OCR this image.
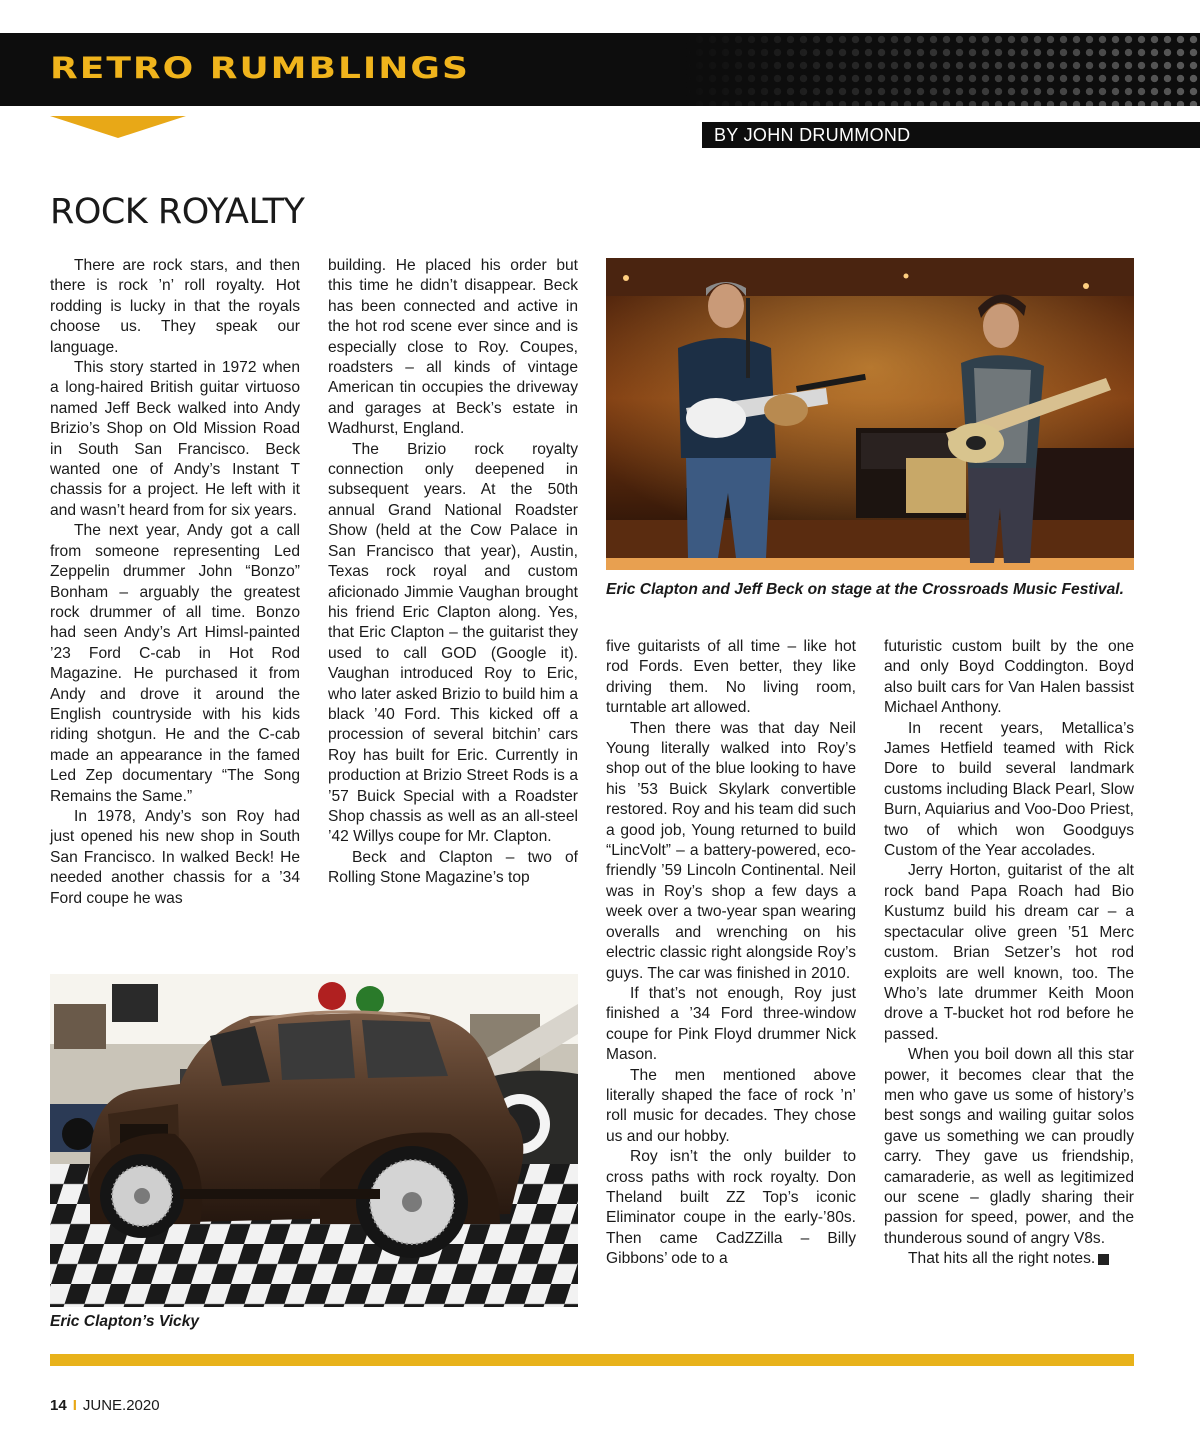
RETRO RUMBLINGS
BY JOHN DRUMMOND
ROCK ROYALTY

There are rock stars, and then there is rock ’n’ roll royalty. Hot rodding is lucky in that the royals choose us. They speak our language.

This story started in 1972 when a long-haired British guitar virtuoso named Jeff Beck walked into Andy Brizio’s Shop on Old Mission Road in South San Francisco. Beck wanted one of Andy’s Instant T chassis for a project. He left with it and wasn’t heard from for six years.

The next year, Andy got a call from someone representing Led Zeppelin drummer John “Bonzo” Bonham – arguably the greatest rock drummer of all time. Bonzo had seen Andy’s Art Himsl-painted ’23 Ford C-cab in Hot Rod Magazine. He purchased it from Andy and drove it around the English countryside with his kids riding shotgun. He and the C-cab made an appearance in the famed Led Zep documentary “The Song Remains the Same.”

In 1978, Andy’s son Roy had just opened his new shop in South San Francisco. In walked Beck! He needed another chassis for a ’34 Ford coupe he was

building. He placed his order but this time he didn’t disappear. Beck has been connected and active in the hot rod scene ever since and is especially close to Roy. Coupes, roadsters – all kinds of vintage American tin occupies the driveway and garages at Beck’s estate in Wadhurst, England.

The Brizio rock royalty connection only deepened in subsequent years. At the 50th annual Grand National Roadster Show (held at the Cow Palace in San Francisco that year), Austin, Texas rock royal and custom aficionado Jimmie Vaughan brought his friend Eric Clapton along. Yes, that Eric Clapton – the guitarist they used to call GOD (Google it). Vaughan introduced Roy to Eric, who later asked Brizio to build him a black ’40 Ford. This kicked off a procession of several bitchin’ cars Roy has built for Eric. Currently in production at Brizio Street Rods is a ’57 Buick Special with a Roadster Shop chassis as well as an all-steel ’42 Willys coupe for Mr. Clapton.

Beck and Clapton – two of Rolling Stone Magazine’s top

five guitarists of all time – like hot rod Fords. Even better, they like driving them. No living room, turntable art allowed.

Then there was that day Neil Young literally walked into Roy’s shop out of the blue looking to have his ’53 Buick Skylark convertible restored. Roy and his team did such a good job, Young returned to build “LincVolt” – a battery-powered, eco-friendly ’59 Lincoln Continental. Neil was in Roy’s shop a few days a week over a two-year span wearing overalls and wrenching on his electric classic right alongside Roy’s guys. The car was finished in 2010.

If that’s not enough, Roy just finished a ’34 Ford three-window coupe for Pink Floyd drummer Nick Mason.

The men mentioned above literally shaped the face of rock ’n’ roll music for decades. They chose us and our hobby.

Roy isn’t the only builder to cross paths with rock royalty. Don Theland built ZZ Top’s iconic Eliminator coupe in the early-’80s. Then came CadZZilla – Billy Gibbons’ ode to a

futuristic custom built by the one and only Boyd Coddington. Boyd also built cars for Van Halen bassist Michael Anthony.

In recent years, Metallica’s James Hetfield teamed with Rick Dore to build several landmark customs including Black Pearl, Slow Burn, Aquiarius and Voo-Doo Priest, two of which won Goodguys Custom of the Year accolades.

Jerry Horton, guitarist of the alt rock band Papa Roach had Bio Kustumz build his dream car – a spectacular olive green ’51 Merc custom. Brian Setzer’s hot rod exploits are well known, too. The Who’s late drummer Keith Moon drove a T-bucket hot rod before he passed.

When you boil down all this star power, it becomes clear that the men who gave us some of history’s best songs and wailing guitar solos gave us something we can proudly carry. They gave us friendship, camaraderie, as well as legitimized our scene – gladly sharing their passion for speed, power, and the thunderous sound of angry V8s.

That hits all the right notes.	GG

Eric Clapton and Jeff Beck on stage at the Crossroads Music Festival.

Eric Clapton’s Vicky

14 I JUNE.2020
